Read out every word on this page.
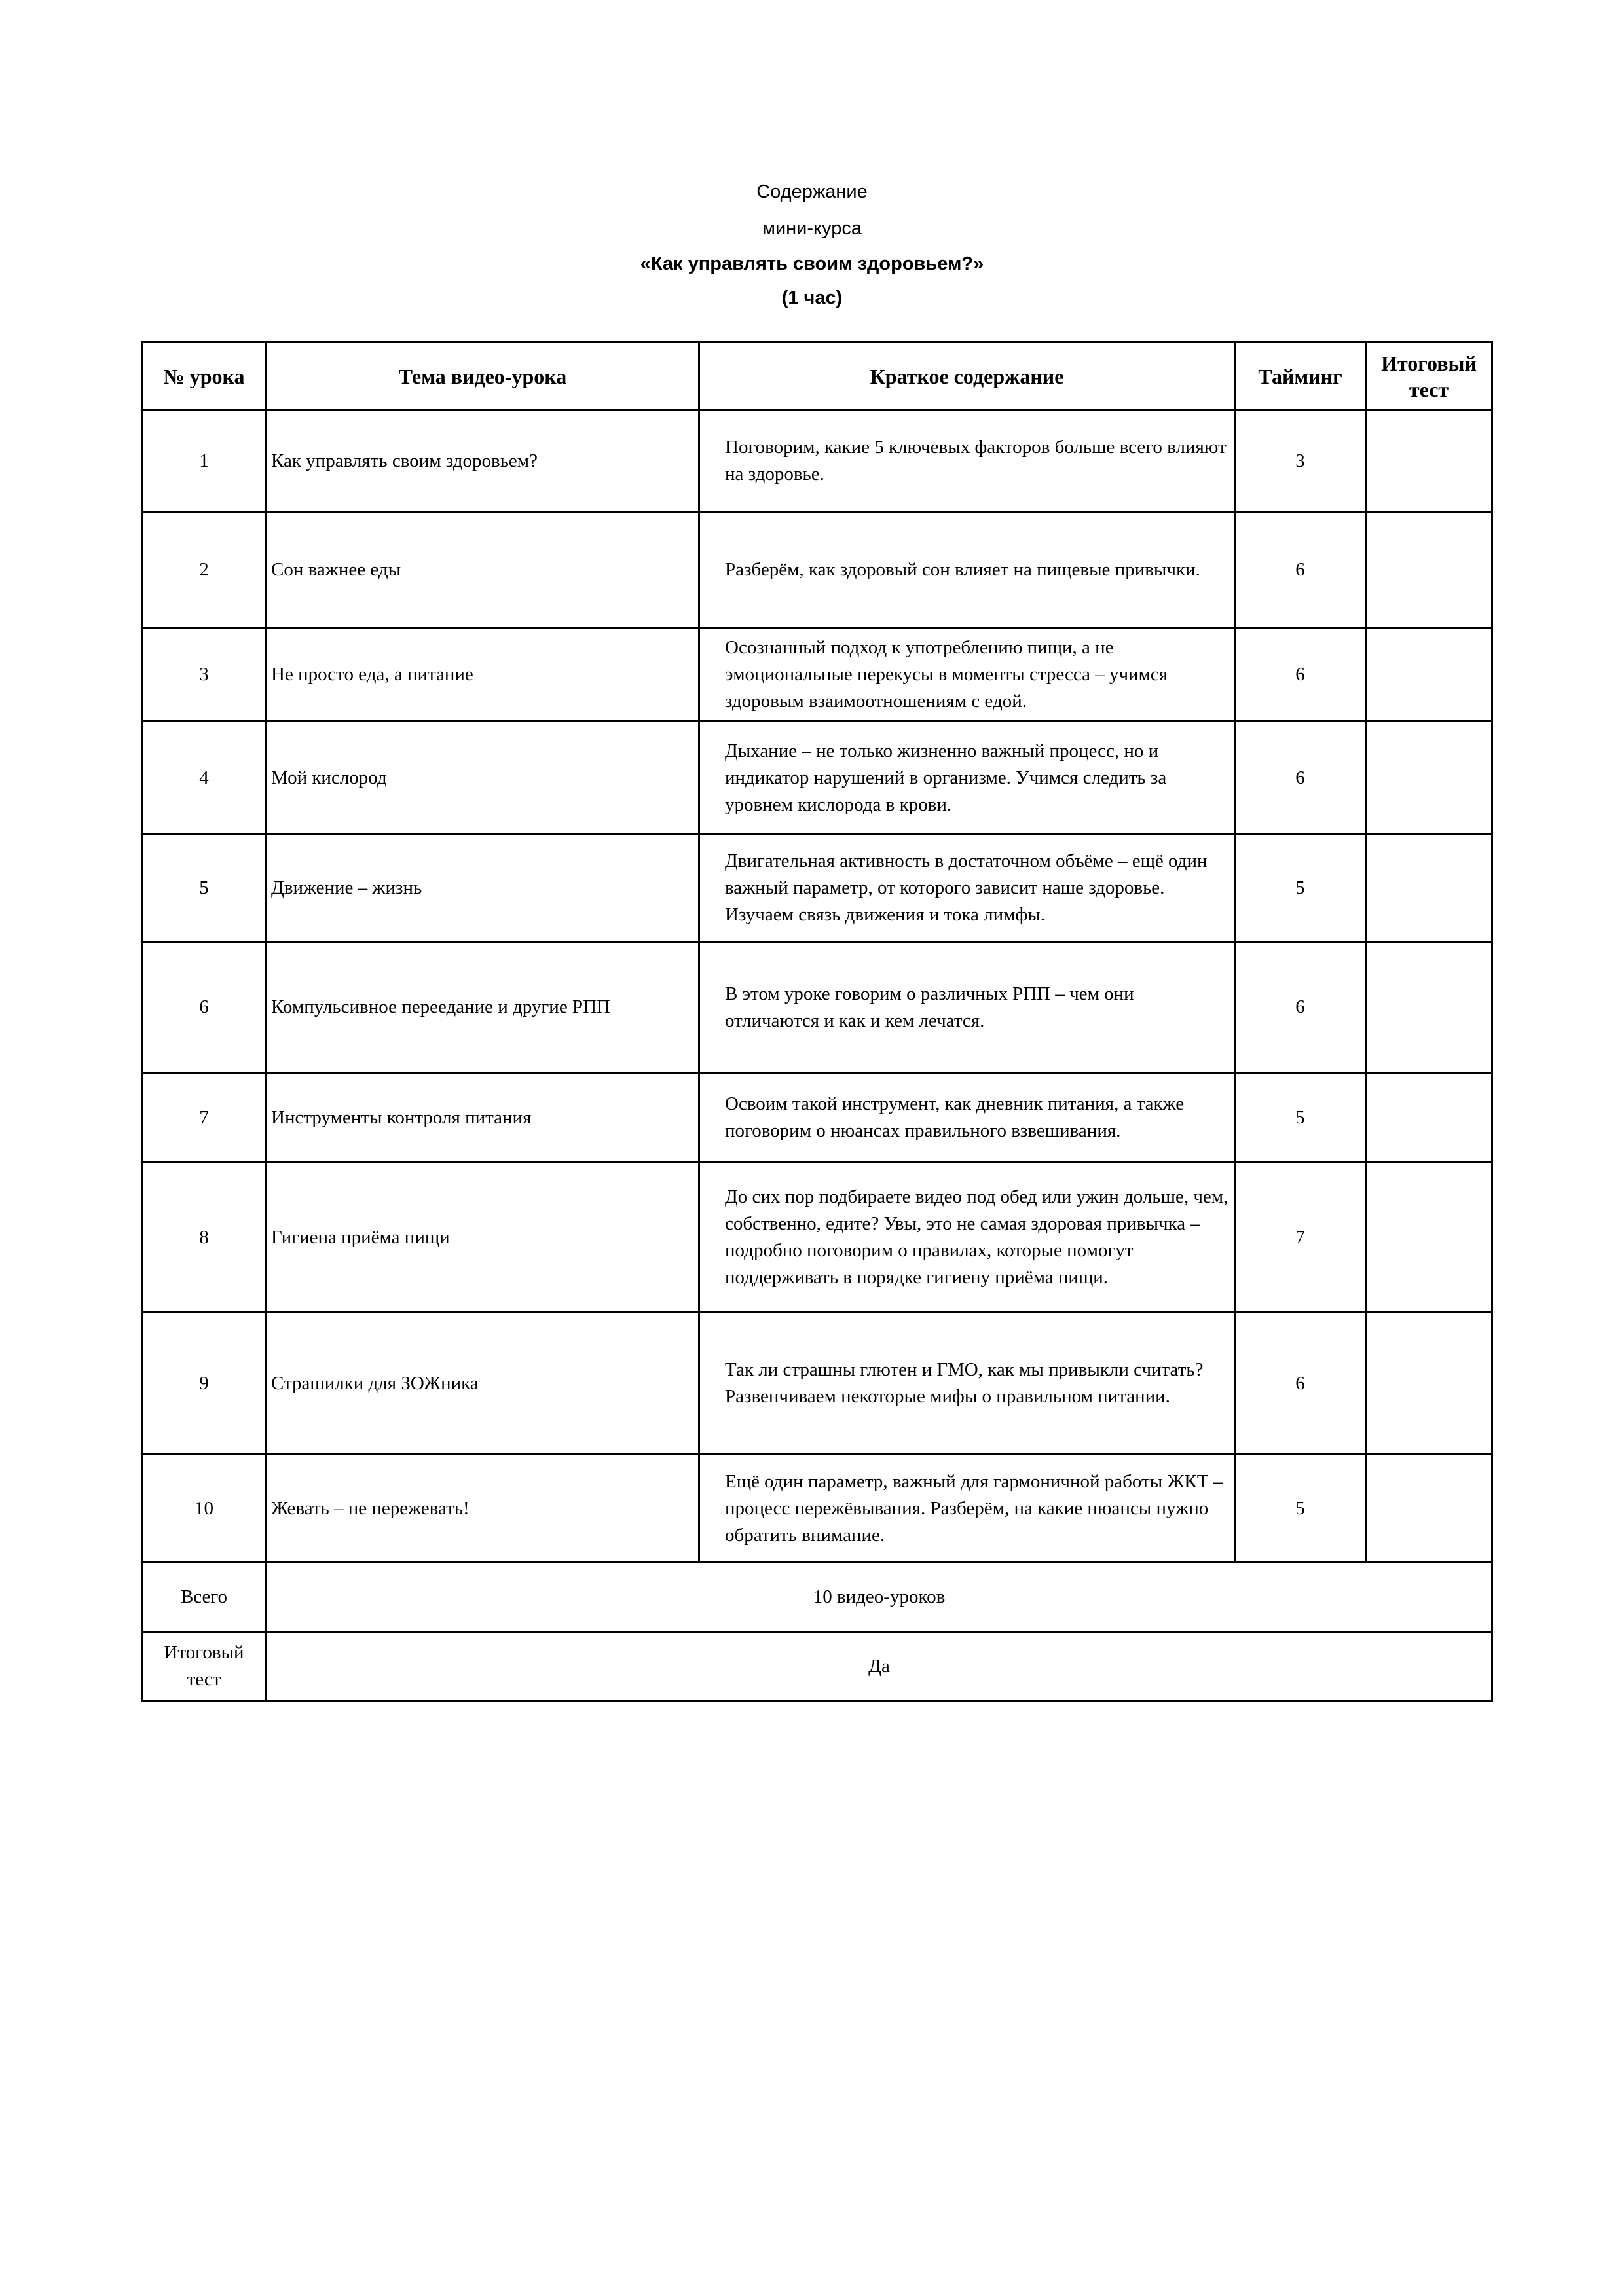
Содержание
мини-курса
«Как управлять своим здоровьем?»
(1 час)
№ урока	Тема видео-урока	Краткое содержание	Тайминг	Итоговый тест
1	Как управлять своим здоровьем?	Поговорим, какие 5 ключевых факторов больше всего влияют на здоровье.	3	
2	Сон важнее еды	Разберём, как здоровый сон влияет на пищевые привычки.	6	
3	Не просто еда, а питание	Осознанный подход к употреблению пищи, а не эмоциональные перекусы в моменты стресса – учимся здоровым взаимоотношениям с едой.	6	
4	Мой кислород	Дыхание – не только жизненно важный процесс, но и индикатор нарушений в организме. Учимся следить за уровнем кислорода в крови.	6	
5	Движение – жизнь	Двигательная активность в достаточном объёме – ещё один важный параметр, от которого зависит наше здоровье. Изучаем связь движения и тока лимфы.	5	
6	Компульсивное переедание и другие РПП	В этом уроке говорим о различных РПП – чем они отличаются и как и кем лечатся.	6	
7	Инструменты контроля питания	Освоим такой инструмент, как дневник питания, а также поговорим о нюансах правильного взвешивания.	5	
8	Гигиена приёма пищи	До сих пор подбираете видео под обед или ужин дольше, чем, собственно, едите? Увы, это не самая здоровая привычка – подробно поговорим о правилах, которые помогут поддерживать в порядке гигиену приёма пищи.	7	
9	Страшилки для ЗОЖника	Так ли страшны глютен и ГМО, как мы привыкли считать? Развенчиваем некоторые мифы о правильном питании.	6	
10	Жевать – не пережевать!	Ещё один параметр, важный для гармоничной работы ЖКТ – процесс пережёвывания. Разберём, на какие нюансы нужно обратить внимание.	5	
Всего	10 видео-уроков			
Итоговый тест	Да			
